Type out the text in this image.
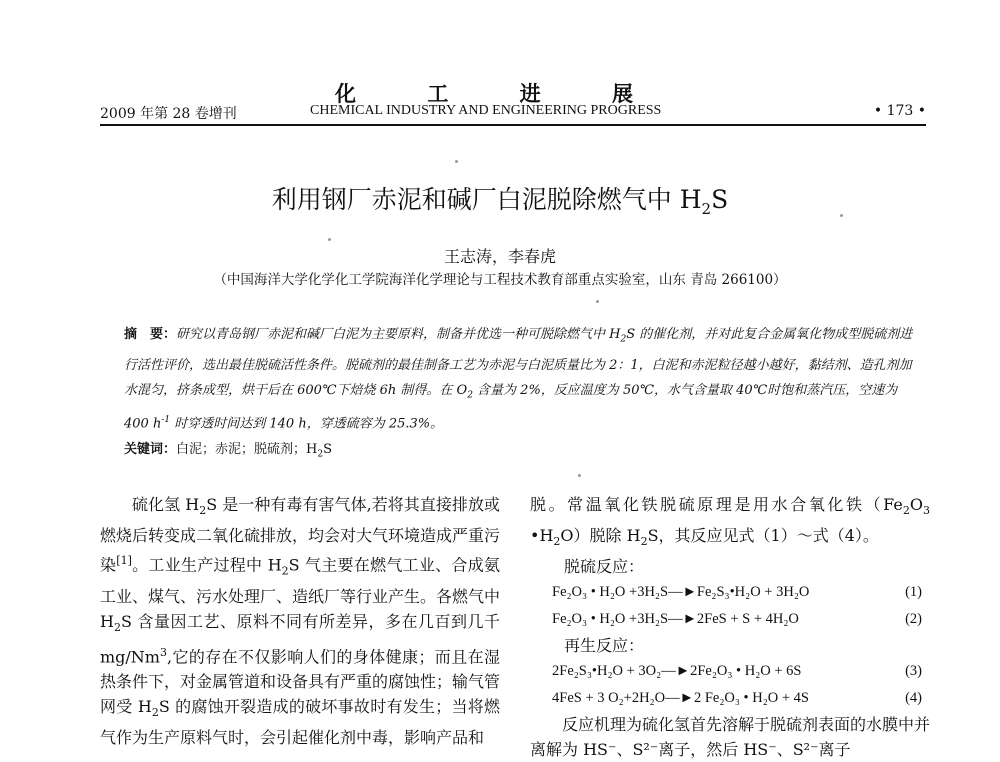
化 工 进 展
2009 年第 28 卷增刊	CHEMICAL INDUSTRY AND ENGINEERING PROGRESS	• 173 •
利用钢厂赤泥和碱厂白泥脱除燃气中 $H_2S$
王志涛，李春虎
（中国海洋大学化学化工学院海洋化学理论与工程技术教育部重点实验室，山东 青岛 266100）
摘　要：研究以青岛钢厂赤泥和碱厂白泥为主要原料，制备并优选一种可脱除燃气中 $H_2S$ 的催化剂，并对此复合金属氧化物成型脱硫剂进行活性评价，选出最佳脱硫活性条件。脱硫剂的最佳制备工艺为赤泥与白泥质量比为 2：1，白泥和赤泥粒径越小越好，黏结剂、造孔剂加水混匀，挤条成型，烘干后在 600℃下焙烧 6h 制得。在 $O_2$ 含量为 2%，反应温度为 50℃，水气含量取 40℃时饱和蒸汽压，空速为 400 $h^{-1}$ 时穿透时间达到 140 h，穿透硫容为 25.3%。
关键词：白泥；赤泥；脱硫剂；$H_2S$
硫化氢 $H_2S$ 是一种有毒有害气体,若将其直接排放或燃烧后转变成二氧化硫排放，均会对大气环境造成严重污染[1]。工业生产过程中 $H_2S$ 气主要在燃气工业、合成氨工业、煤气、污水处理厂、造纸厂等行业产生。各燃气中 $H_2S$ 含量因工艺、原料不同有所差异，多在几百到几千 mg/Nm$^3$,它的存在不仅影响人们的身体健康；而且在湿热条件下，对金属管道和设备具有严重的腐蚀性；输气管网受 $H_2S$ 的腐蚀开裂造成的破坏事故时有发生；当将燃气作为生产原料气时，会引起催化剂中毒，影响产品和
脱。常温氧化铁脱硫原理是用水合氧化铁（$Fe_2O_3$ $•H_2O$）脱除 $H_2S$，其反应见式（1）～式（4）。
脱硫反应：
Fe₂O₃ • H₂O +3H₂S—►Fe₂S₃•H₂O + 3H₂O	(1)
Fe₂O₃ • H₂O +3H₂S—►2FeS + S + 4H₂O	(2)
再生反应：
2Fe₂S₃•H₂O + 3O₂—►2Fe₂O₃ • H₂O + 6S	(3)
4FeS + 3 O₂+2H₂O—►2 Fe₂O₃ • H₂O + 4S	(4)
反应机理为硫化氢首先溶解于脱硫剂表面的水膜中并离解为 HS⁻、S²⁻离子，然后 HS⁻、S²⁻离子
